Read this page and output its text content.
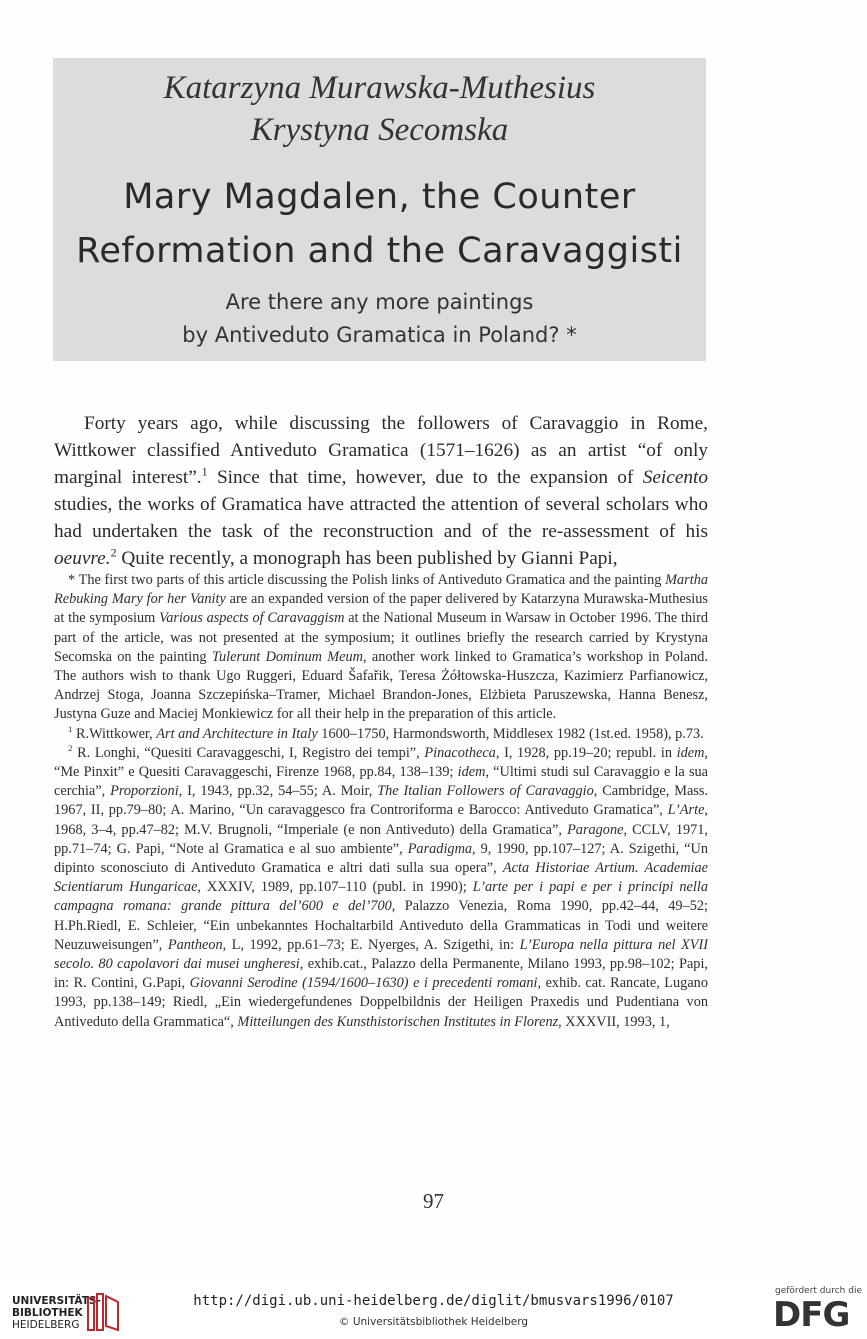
Katarzyna Murawska-Muthesius
Krystyna Secomska
Mary Magdalen, the Counter
Reformation and the Caravaggisti
Are there any more paintings
by Antiveduto Gramatica in Poland? *

Forty years ago, while discussing the followers of Caravaggio in Rome, Wittkower classified Antiveduto Gramatica (1571–1626) as an artist “of only marginal interest”.$^1$ Since that time, however, due to the expansion of Seicento studies, the works of Gramatica have attracted the attention of several scholars who had undertaken the task of the reconstruction and of the re-assessment of his oeuvre.$^2$ Quite recently, a monograph has been published by Gianni Papi,

* The first two parts of this article discussing the Polish links of Antiveduto Gramatica and the painting Martha Rebuking Mary for her Vanity are an expanded version of the paper delivered by Katarzyna Murawska-Muthesius at the symposium Various aspects of Caravaggism at the National Museum in Warsaw in October 1996. The third part of the article, was not presented at the symposium; it outlines briefly the research carried by Krystyna Secomska on the painting Tulerunt Dominum Meum, another work linked to Gramatica’s workshop in Poland. The authors wish to thank Ugo Ruggeri, Eduard Šafařik, Teresa Żółtowska-Huszcza, Kazimierz Parfianowicz, Andrzej Stoga, Joanna Szczepińska–Tramer, Michael Brandon-Jones, Elżbieta Paruszewska, Hanna Benesz, Justyna Guze and Maciej Monkiewicz for all their help in the preparation of this article.

$^1$ R.Wittkower, Art and Architecture in Italy 1600–1750, Harmondsworth, Middlesex 1982 (1st.ed. 1958), p.73.

$^2$ R. Longhi, “Quesiti Caravaggeschi, I, Registro dei tempi”, Pinacotheca, I, 1928, pp.19–20; republ. in idem, “Me Pinxit” e Quesiti Caravaggeschi, Firenze 1968, pp.84, 138–139; idem, “Ultimi studi sul Caravaggio e la sua cerchia”, Proporzioni, I, 1943, pp.32, 54–55; A. Moir, The Italian Followers of Caravaggio, Cambridge, Mass. 1967, II, pp.79–80; A. Marino, “Un caravaggesco fra Controriforma e Barocco: Antiveduto Gramatica”, L’Arte, 1968, 3–4, pp.47–82; M.V. Brugnoli, “Imperiale (e non Antiveduto) della Gramatica”, Paragone, CCLV, 1971, pp.71–74; G. Papi, “Note al Gramatica e al suo ambiente”, Paradigma, 9, 1990, pp.107–127; A. Szigethi, “Un dipinto sconosciuto di Antiveduto Gramatica e altri dati sulla sua opera”, Acta Historiae Artium. Academiae Scientiarum Hungaricae, XXXIV, 1989, pp.107–110 (publ. in 1990); L’arte per i papi e per i principi nella campagna romana: grande pittura del’600 e del’700, Palazzo Venezia, Roma 1990, pp.42–44, 49–52; H.Ph.Riedl, E. Schleier, “Ein unbekanntes Hochaltarbild Antiveduto della Grammaticas in Todi und weitere Neuzuweisungen”, Pantheon, L, 1992, pp.61–73; E. Nyerges, A. Szigethi, in: L’Europa nella pittura nel XVII secolo. 80 capolavori dai musei ungheresi, exhib.cat., Palazzo della Permanente, Milano 1993, pp.98–102; Papi, in: R. Contini, G.Papi, Giovanni Serodine (1594/1600–1630) e i precedenti romani, exhib. cat. Rancate, Lugano 1993, pp.138–149; Riedl, „Ein wiedergefundenes Doppelbildnis der Heiligen Praxedis und Pudentiana von Antiveduto della Grammatica“, Mitteilungen des Kunsthistorischen Institutes in Florenz, XXXVII, 1993, 1,

97
UNIVERSITÄTS-
BIBLIOTHEK
HEIDELBERG
http://digi.ub.uni-heidelberg.de/diglit/bmusvars1996/0107
© Universitätsbibliothek Heidelberg
gefördert durch die
DFG
